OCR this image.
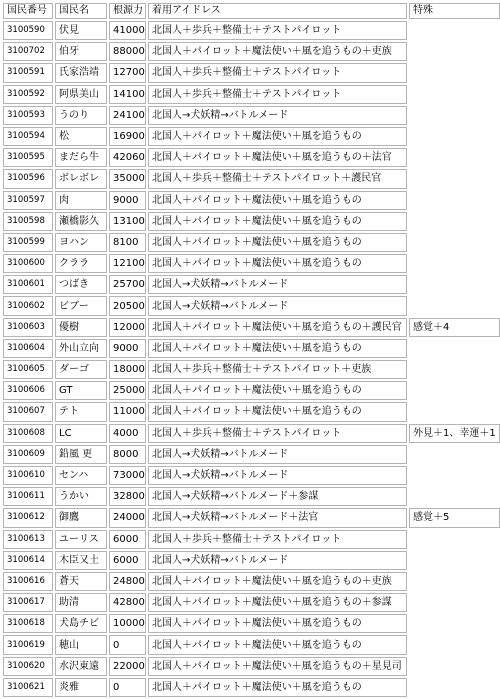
国民番号	国民名	根源力	着用アイドレス	特殊
3100590	伏見	41000	北国人＋歩兵＋整備士＋テストパイロット	
3100702	伯牙	88000	北国人＋パイロット＋魔法使い＋風を追うもの＋吏族	
3100591	氏家浩靖	12700	北国人＋歩兵＋整備士＋テストパイロット	
3100592	阿県美山	14100	北国人＋歩兵＋整備士＋テストパイロット	
3100593	うのり	24100	北国人→犬妖精→バトルメード	
3100594	松	16900	北国人＋パイロット＋魔法使い＋風を追うもの	
3100595	まだら牛	42060	北国人＋パイロット＋魔法使い＋風を追うもの＋法官	
3100596	ボレボレ	35000	北国人＋歩兵＋整備士＋テストパイロット＋護民官	
3100597	肉	9000	北国人＋パイロット＋魔法使い＋風を追うもの	
3100598	瀬橋影久	13100	北国人＋パイロット＋魔法使い＋風を追うもの	
3100599	ヨハン	8100	北国人＋パイロット＋魔法使い＋風を追うもの	
3100600	クララ	12100	北国人＋パイロット＋魔法使い＋風を追うもの	
3100601	つばき	25700	北国人→犬妖精→バトルメード	
3100602	ビブー	20500	北国人→犬妖精→バトルメード	
3100603	優樹	12000	北国人＋パイロット＋魔法使い＋風を追うもの＋護民官	感覚＋4
3100604	外山立向	9000	北国人＋パイロット＋魔法使い＋風を追うもの	
3100605	ダーゴ	18000	北国人＋歩兵＋整備士＋テストパイロット＋吏族	
3100606	GT	25000	北国人＋パイロット＋魔法使い＋風を追うもの	
3100607	テト	11000	北国人＋パイロット＋魔法使い＋風を追うもの	
3100608	LC	4000	北国人＋歩兵＋整備士＋テストパイロット	外見＋1、幸運＋1
3100609	鉛風 更	8000	北国人→犬妖精→バトルメード	
3100610	センハ	73000	北国人→犬妖精→バトルメード	
3100611	うかい	32800	北国人→犬妖精→バトルメード＋参謀	
3100612	御鷹	24000	北国人→犬妖精→バトルメード＋法官	感覚＋5
3100613	ユーリス	6000	北国人＋歩兵＋整備士＋テストパイロット	
3100614	木臣又土	6000	北国人→犬妖精→バトルメード	
3100616	蒼天	24800	北国人＋パイロット＋魔法使い＋風を追うもの＋吏族	
3100617	助清	42800	北国人＋パイロット＋魔法使い＋風を追うもの＋参謀	
3100618	犬島チビ	10000	北国人＋パイロット＋魔法使い＋風を追うもの	
3100619	穂山	0	北国人＋パイロット＋魔法使い＋風を追うもの	
3100620	水沢東遠	22000	北国人＋パイロット＋魔法使い＋風を追うもの＋星見司	
3100621	炎雅	0	北国人＋パイロット＋魔法使い＋風を追うもの	
